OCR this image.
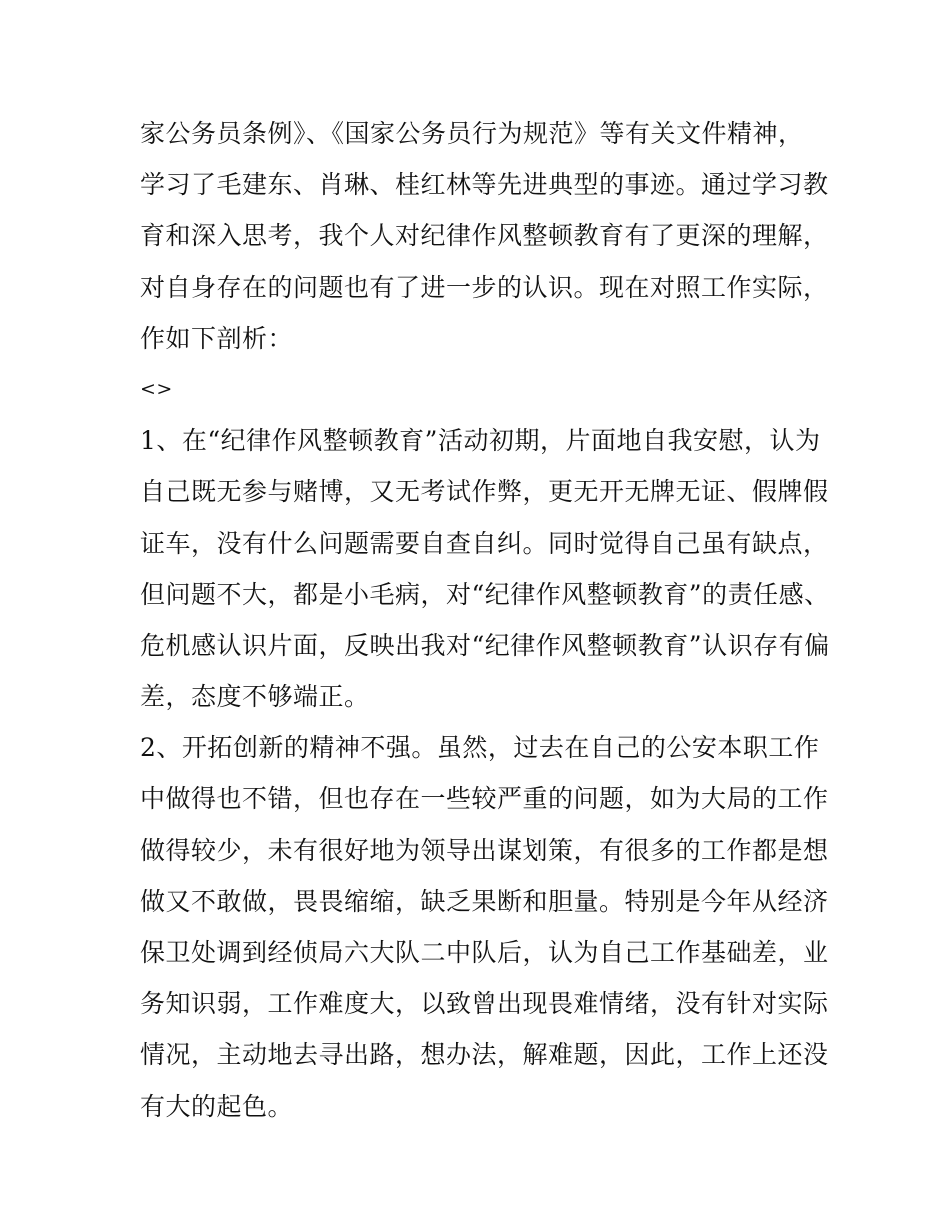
家公务员条例》、《国家公务员行为规范》等有关文件精神，
学习了毛建东、肖琳、桂红林等先进典型的事迹。通过学习教
育和深入思考，我个人对纪律作风整顿教育有了更深的理解，
对自身存在的问题也有了进一步的认识。现在对照工作实际，
作如下剖析：
<>
1、在“纪律作风整顿教育”活动初期，片面地自我安慰，认为
自己既无参与赌博，又无考试作弊，更无开无牌无证、假牌假
证车，没有什么问题需要自查自纠。同时觉得自己虽有缺点，
但问题不大，都是小毛病，对“纪律作风整顿教育”的责任感、
危机感认识片面，反映出我对“纪律作风整顿教育”认识存有偏
差，态度不够端正。
2、开拓创新的精神不强。虽然，过去在自己的公安本职工作
中做得也不错，但也存在一些较严重的问题，如为大局的工作
做得较少，未有很好地为领导出谋划策，有很多的工作都是想
做又不敢做，畏畏缩缩，缺乏果断和胆量。特别是今年从经济
保卫处调到经侦局六大队二中队后，认为自己工作基础差，业
务知识弱，工作难度大，以致曾出现畏难情绪，没有针对实际
情况，主动地去寻出路，想办法，解难题，因此，工作上还没
有大的起色。
